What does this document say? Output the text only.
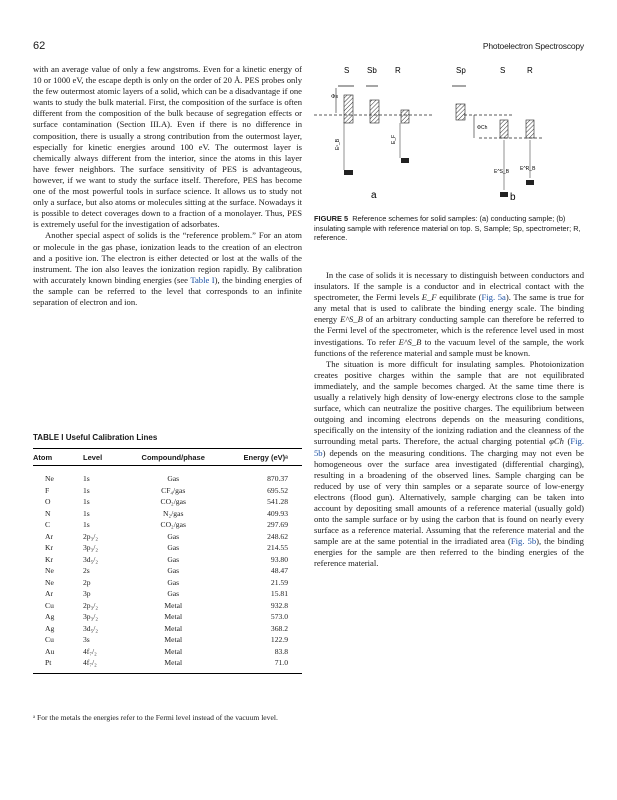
62	Photoelectron Spectroscopy

with an average value of only a few angstroms. Even for a kinetic energy of 10 or 1000 eV, the escape depth is only on the order of 20 Å. PES probes only the few outermost atomic layers of a solid, which can be a disadvantage if one wants to study the bulk material. First, the composition of the surface is often different from the composition of the bulk because of segregation effects or surface contamination (Section III.A). Even if there is no difference in composition, there is usually a strong contribution from the outermost layer, especially for kinetic energies around 100 eV. The outermost layer is chemically always different from the interior, since the atoms in this layer have fewer neighbors. The surface sensitivity of PES is advantageous, however, if we want to study the surface itself. Therefore, PES has become one of the most powerful tools in surface science. It allows us to study not only a surface, but also atoms or molecules sitting at the surface. Nowadays it is possible to detect coverages down to a fraction of a monolayer. Thus, PES is extremely useful for the investigation of adsorbates.

Another special aspect of solids is the “reference problem.” For an atom or molecule in the gas phase, ionization leads to the creation of an electron and a positive ion. The electron is either detected or lost at the walls of the instrument. The ion also leaves the ionization region rapidly. By calibration with accurately known binding energies (see Table I), the binding energies of the sample can be referred to the level that corresponds to an infinite separation of electron and ion.

TABLE I Useful Calibration Lines
Atom	Level	Compound/phase	Energy (eV)ᵃ
Ne	1s	Gas	870.37
F	1s	CF₄/gas	695.52
O	1s	CO₂/gas	541.28
N	1s	N₂/gas	409.93
C	1s	CO₂/gas	297.69
Ar	2p₃/₂	Gas	248.62
Kr	3p₃/₂	Gas	214.55
Kr	3d₅/₂	Gas	93.80
Ne	2s	Gas	48.47
Ne	2p	Gas	21.59
Ar	3p	Gas	15.81
Cu	2p₃/₂	Metal	932.8
Ag	3p₃/₂	Metal	573.0
Ag	3d₅/₂	Metal	368.2
Cu	3s	Metal	122.9
Au	4f₇/₂	Metal	83.8
Pt	4f₇/₂	Metal	71.0
ᵃ For the metals the energies refer to the Fermi level instead of the vacuum level.
S Sb R	Sp	S	R
Φs
Eᵛ_B	E_F
ΦCh
E^S_B E^R_B
a	b
FIGURE 5 Reference schemes for solid samples: (a) conducting sample; (b) insulating sample with reference material on top. S, Sample; Sp, spectrometer; R, reference.

In the case of solids it is necessary to distinguish between conductors and insulators. If the sample is a conductor and in electrical contact with the spectrometer, the Fermi levels E_F equilibrate (Fig. 5a). The same is true for any metal that is used to calibrate the binding energy scale. The binding energy E^S_B of an arbitrary conducting sample can therefore be referred to the Fermi level of the spectrometer, which is the reference level used in most investigations. To refer E^S_B to the vacuum level of the sample, the work functions of the reference material and sample must be known.

The situation is more difficult for insulating samples. Photoionization creates positive charges within the sample that are not equilibrated immediately, and the sample becomes charged. At the same time there is usually a relatively high density of low-energy electrons close to the sample surface, which can neutralize the positive charges. The equilibrium between outgoing and incoming electrons depends on the measuring conditions, specifically on the intensity of the ionizing radiation and the cleanness of the surrounding metal parts. Therefore, the actual charging potential φCh (Fig. 5b) depends on the measuring conditions. The charging may not even be homogeneous over the surface area investigated (differential charging), resulting in a broadening of the observed lines. Sample charging can be reduced by use of very thin samples or a separate source of low-energy electrons (flood gun). Alternatively, sample charging can be taken into account by depositing small amounts of a reference material (usually gold) onto the sample surface or by using the carbon that is found on nearly every surface as a reference material. Assuming that the reference material and the sample are at the same potential in the irradiated area (Fig. 5b), the binding energies for the sample are then referred to the binding energies of the reference material.
